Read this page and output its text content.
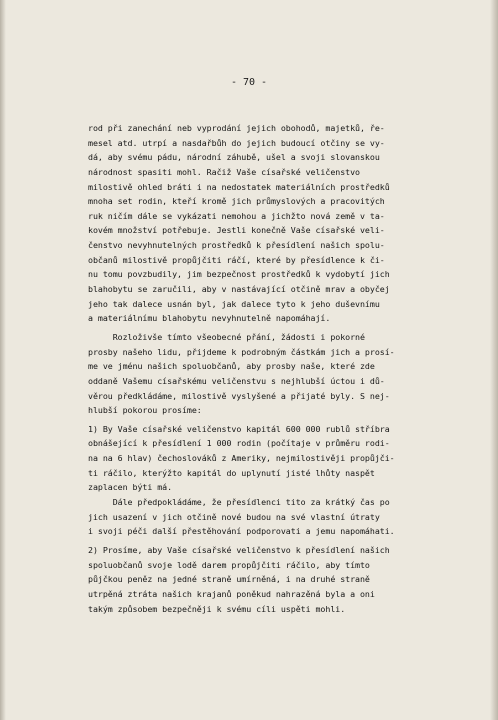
- 70 -
rod při zanechání neb vyprodání jejich obohodů, majetků, ře-
mesel atd. utrpí a nasdařbůh do jejich budoucí otčiny se vy-
dá, aby svému pádu, národní záhubě, ušel a svoji slovanskou
národnost spasiti mohl. Račiž Vaše císařské veličenstvo
milostivě ohled bráti i na nedostatek materiálních prostředků
mnoha set rodin, kteří kromě jich průmyslových a pracovitých
ruk ničím dále se vykázati nemohou a jichžto nová země v ta-
kovém množství potřebuje. Jestli konečně Vaše císařské veli-
čenstvo nevyhnutelných prostředků k přesídlení našich spolu-
občanů milostivě propůjčiti ráčí, které by přesídlence k či-
nu tomu povzbudily, jim bezpečnost prostředků k vydobytí jich
blahobytu se zaručili, aby v nastávající otčině mrav a obyčej
jeho tak dalece usnán byl, jak dalece tyto k jeho duševnímu
a materiálnímu blahobytu nevyhnutelně napomáhají.
Rozloživše tímto všeobecné přání, žádosti i pokorné
prosby našeho lidu, přijdeme k podrobným částkám jich a prosí-
me ve jménu našich spoluobčanů, aby prosby naše, které zde
oddaně Vašemu císařskému veličenstvu s nejhlubší úctou i dů-
věrou předkládáme, milostivě vyslyšené a přijaté byly. S nej-
hlubší pokorou prosíme:
1) By Vaše císařské veličenstvo kapitál 600 000 rublů stříbra
obnášející k přesídlení 1 000 rodin (počítaje v průměru rodi-
na na 6 hlav) čechoslováků z Ameriky, nejmilostivěji propůjči-
ti ráčilo, kterýžto kapitál do uplynutí jisté lhůty naspět
zaplacen býti má.
Dále předpokládáme, že přesídlenci tito za krátký čas po
jich usazení v jich otčině nové budou na své vlastní útraty
i svoji péči další přestěhování podporovati a jemu napomáhati.
2) Prosíme, aby Vaše císařské veličenstvo k přesídlení našich
spoluobčanů svoje lodě darem propůjčiti ráčilo, aby tímto
půjčkou peněz na jedné straně umírněná, i na druhé straně
utrpěná ztráta našich krajanů poněkud nahrazěná byla a oni
takým způsobem bezpečněji k svému cíli uspěti mohli.
